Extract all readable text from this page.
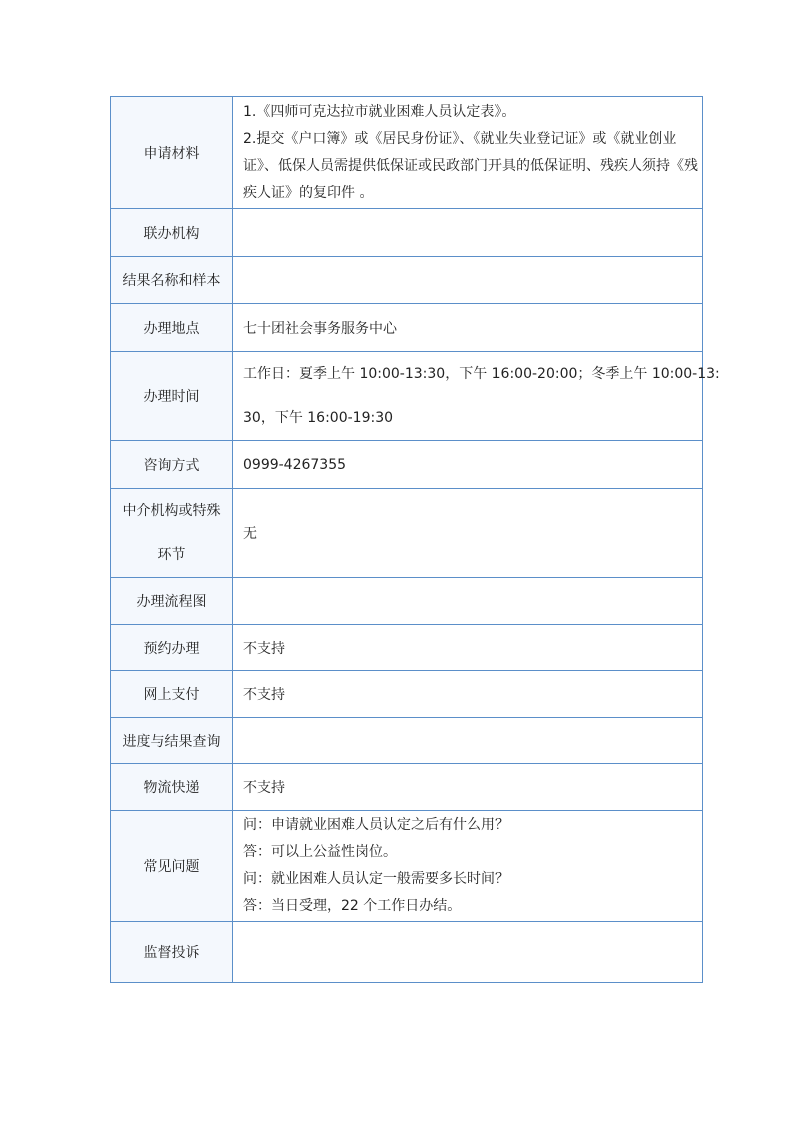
申请材料	1.《四师可克达拉市就业困难人员认定表》。
2.提交《户口簿》或《居民身份证》、《就业失业登记证》或《就业创业
证》、低保人员需提供低保证或民政部门开具的低保证明、残疾人须持《残
疾人证》的复印件 。

联办机构	
结果名称和样本	
办理地点	七十团社会事务服务中心
办理时间	工作日：夏季上午 10:00-13:30，下午 16:00-20:00；冬季上午 10:00-13:
30，下午 16:00-19:30

咨询方式	0999-4267355

中介机构或特殊
环节	无
办理流程图	
预约办理	不支持
网上支付	不支持
进度与结果查询	
物流快递	不支持
常见问题	问：申请就业困难人员认定之后有什么用？
答：可以上公益性岗位。
问：就业困难人员认定一般需要多长时间？
答：当日受理，22 个工作日办结。

监督投诉	
